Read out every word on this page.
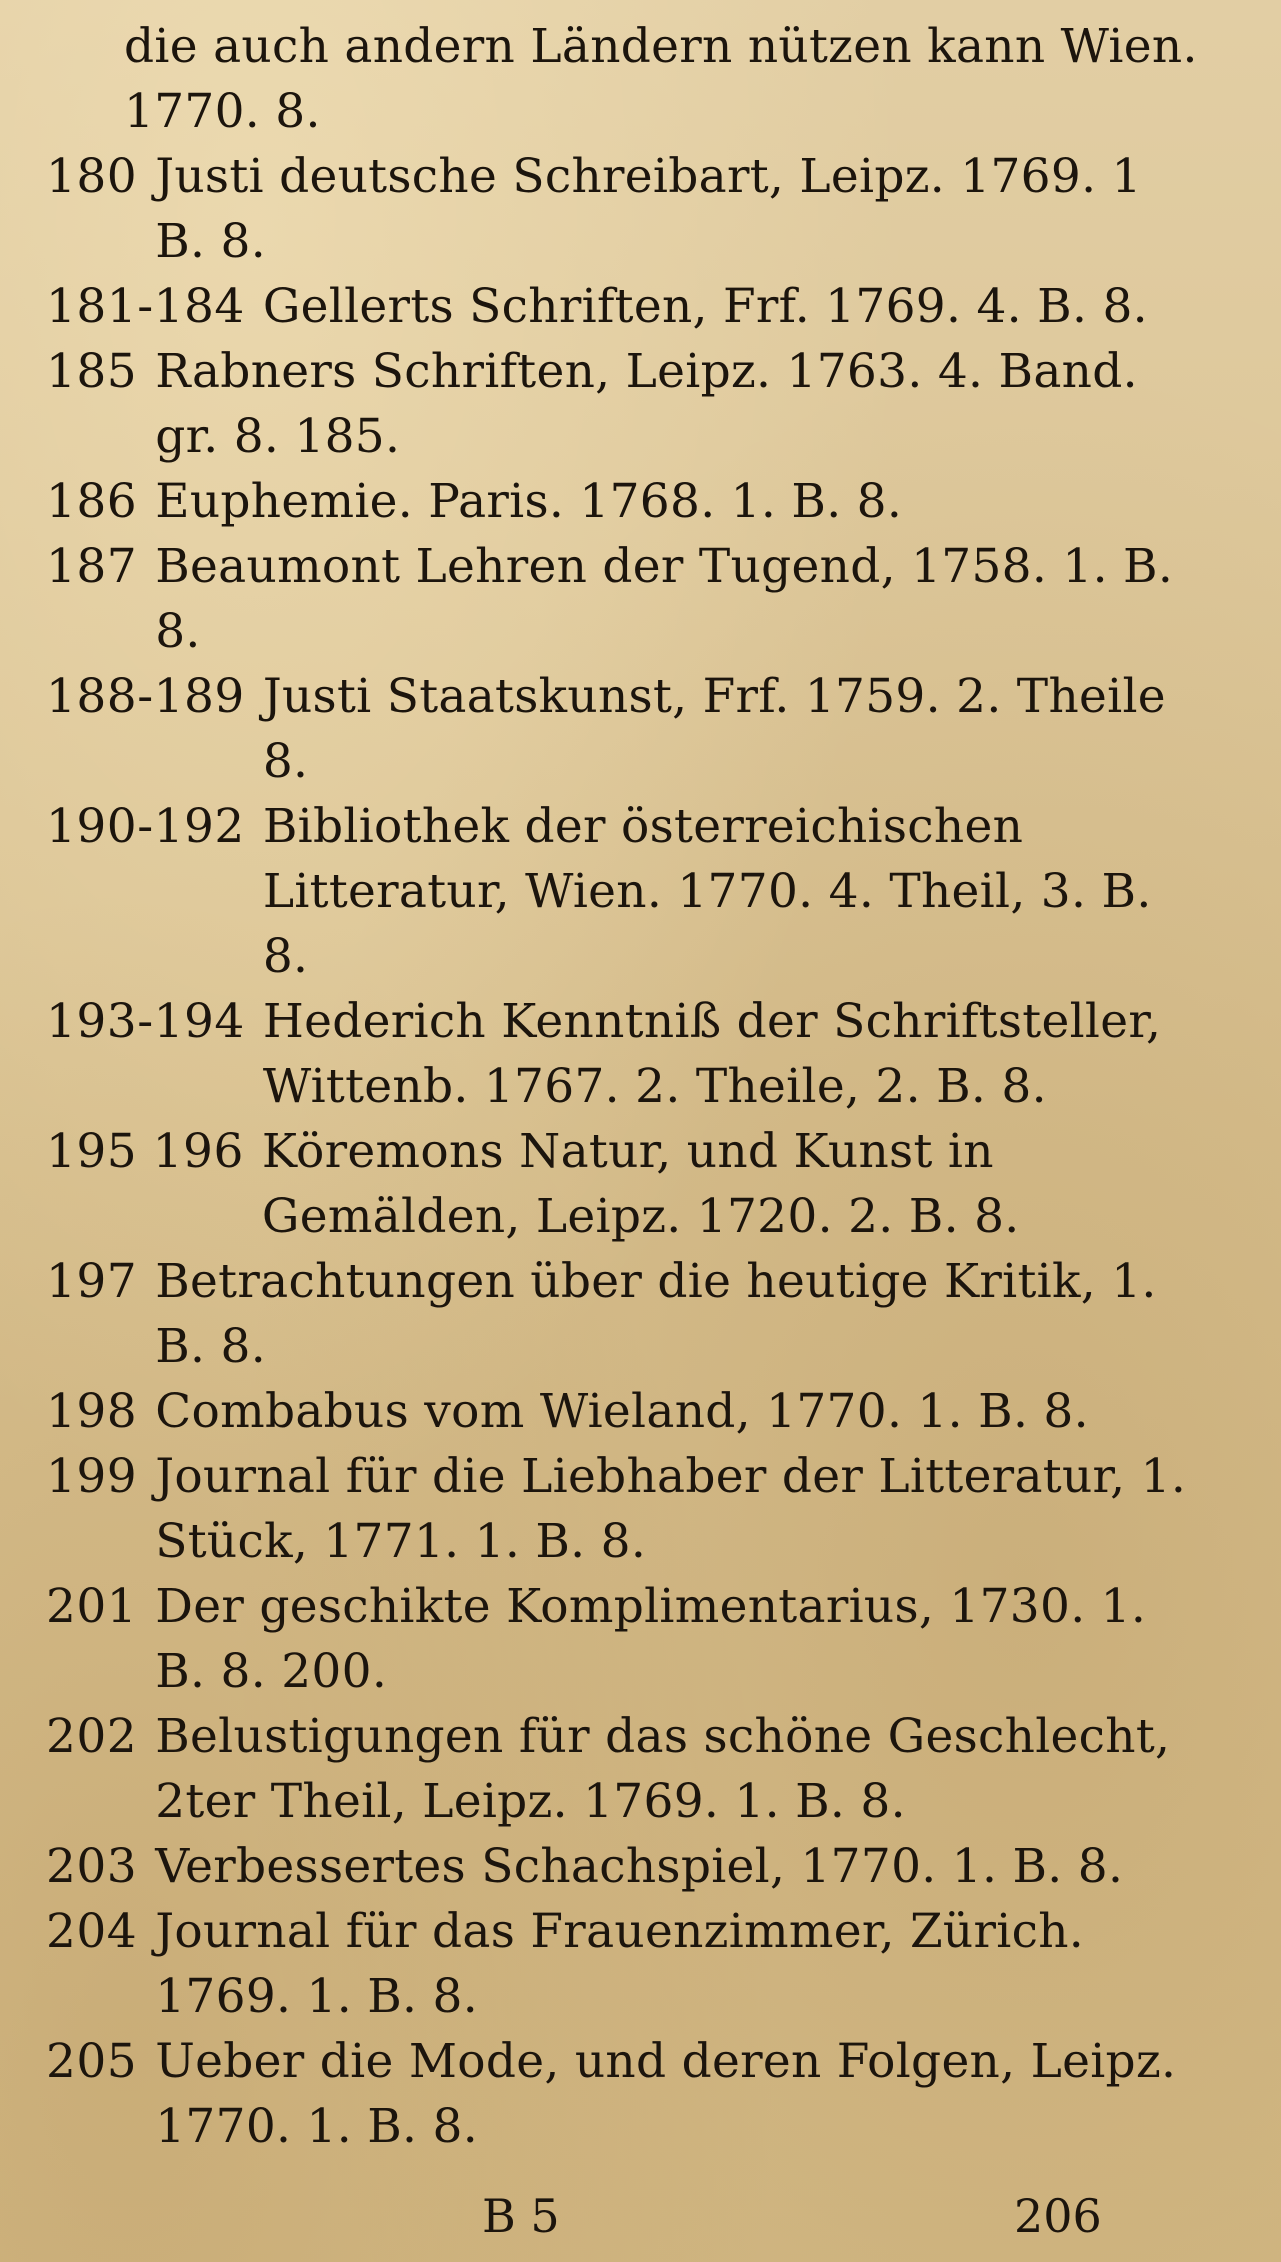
die auch andern Ländern nützen kann Wien. 1770. 8.
180 Justi deutsche Schreibart, Leipz. 1769. 1 B. 8.
181-184 Gellerts Schriften, Frf. 1769. 4. B. 8.
185 Rabners Schriften, Leipz. 1763. 4. Band. gr. 8. 185.
186 Euphemie. Paris. 1768. 1. B. 8.
187 Beaumont Lehren der Tugend, 1758. 1. B. 8.
188-189 Justi Staatskunst, Frf. 1759. 2. Theile 8.
190-192 Bibliothek der österreichischen Litteratur, Wien. 1770. 4. Theil, 3. B. 8.
193-194 Hederich Kenntniß der Schriftsteller, Wittenb. 1767. 2. Theile, 2. B. 8.
195 196 Köremons Natur, und Kunst in Gemälden, Leipz. 1720. 2. B. 8.
197 Betrachtungen über die heutige Kritik, 1. B. 8.
198 Combabus vom Wieland, 1770. 1. B. 8.
199 Journal für die Liebhaber der Litteratur, 1. Stück, 1771. 1. B. 8.
201 Der geschikte Komplimentarius, 1730. 1. B. 8. 200.
202 Belustigungen für das schöne Geschlecht, 2ter Theil, Leipz. 1769. 1. B. 8.
203 Verbessertes Schachspiel, 1770. 1. B. 8.
204 Journal für das Frauenzimmer, Zürich. 1769. 1. B. 8.
205 Ueber die Mode, und deren Folgen, Leipz. 1770. 1. B. 8.
B 5	206
